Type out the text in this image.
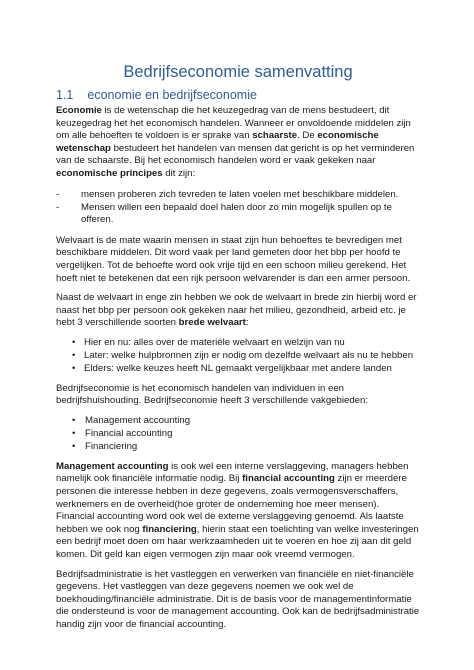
Bedrijfseconomie samenvatting
1.1 economie en bedrijfseconomie

Economie is de wetenschap die het keuzegedrag van de mens bestudeert, dit keuzegedrag het het economisch handelen. Wanneer er onvoldoende middelen zijn om alle behoeften te voldoen is er sprake van schaarste. De economische wetenschap bestudeert het handelen van mensen dat gericht is op het verminderen van de schaarste. Bij het economisch handelen word er vaak gekeken naar economische principes dit zijn:

- mensen proberen zich tevreden te laten voelen met beschikbare middelen.
- Mensen willen een bepaald doel halen door zo min mogelijk spullen op te offeren.

Welvaart is de mate waarin mensen in staat zijn hun behoeftes te bevredigen met beschikbare middelen. Dit word vaak per land gemeten door het bbp per hoofd te vergelijken. Tot de behoefte word ook vrije tijd en een schoon milieu gerekend. Het hoeft niet te betekenen dat een rijk persoon welvarender is dan een armer persoon.

Naast de welvaart in enge zin hebben we ook de welvaart in brede zin hierbij word er naast het bbp per persoon ook gekeken naar het milieu, gezondheid, arbeid etc. je hebt 3 verschillende soorten brede welvaart:

• Hier en nu: alles over de materiële welvaart en welzijn van nu
• Later: welke hulpbronnen zijn er nodig om dezelfde welvaart als nu te hebben
• Elders: welke keuzes heeft NL gemaakt vergelijkbaar met andere landen

Bedrijfseconomie is het economisch handelen van individuen in een bedrijfshuishouding. Bedrijfseconomie heeft 3 verschillende vakgebieden:

• Management accounting
• Financial accounting
• Financiering

Management accounting is ook wel een interne verslaggeving, managers hebben namelijk ook financiële informatie nodig. Bij financial accounting zijn er meerdere personen die interesse hebben in deze gegevens, zoals vermogensverschaffers, werknemers en de overheid(hoe groter de onderneming hoe meer mensen). Financial accounting word ook wel de externe verslaggeving genoemd. Als laatste hebben we ook nog financiering, hierin staat een toelichting van welke investeringen een bedrijf moet doen om haar werkzaamheden uit te voeren en hoe zij aan dit geld komen. Dit geld kan eigen vermogen zijn maar ook vreemd vermogen.

Bedrijfsadministratie is het vastleggen en verwerken van financiële en niet-financiële gegevens. Het vastleggen van deze gegevens noemen we ook wel de boekhouding/financiële administratie. Dit is de basis voor de managementinformatie die ondersteund is voor de management accounting. Ook kan de bedrijfsadministratie handig zijn voor de financial accounting.
